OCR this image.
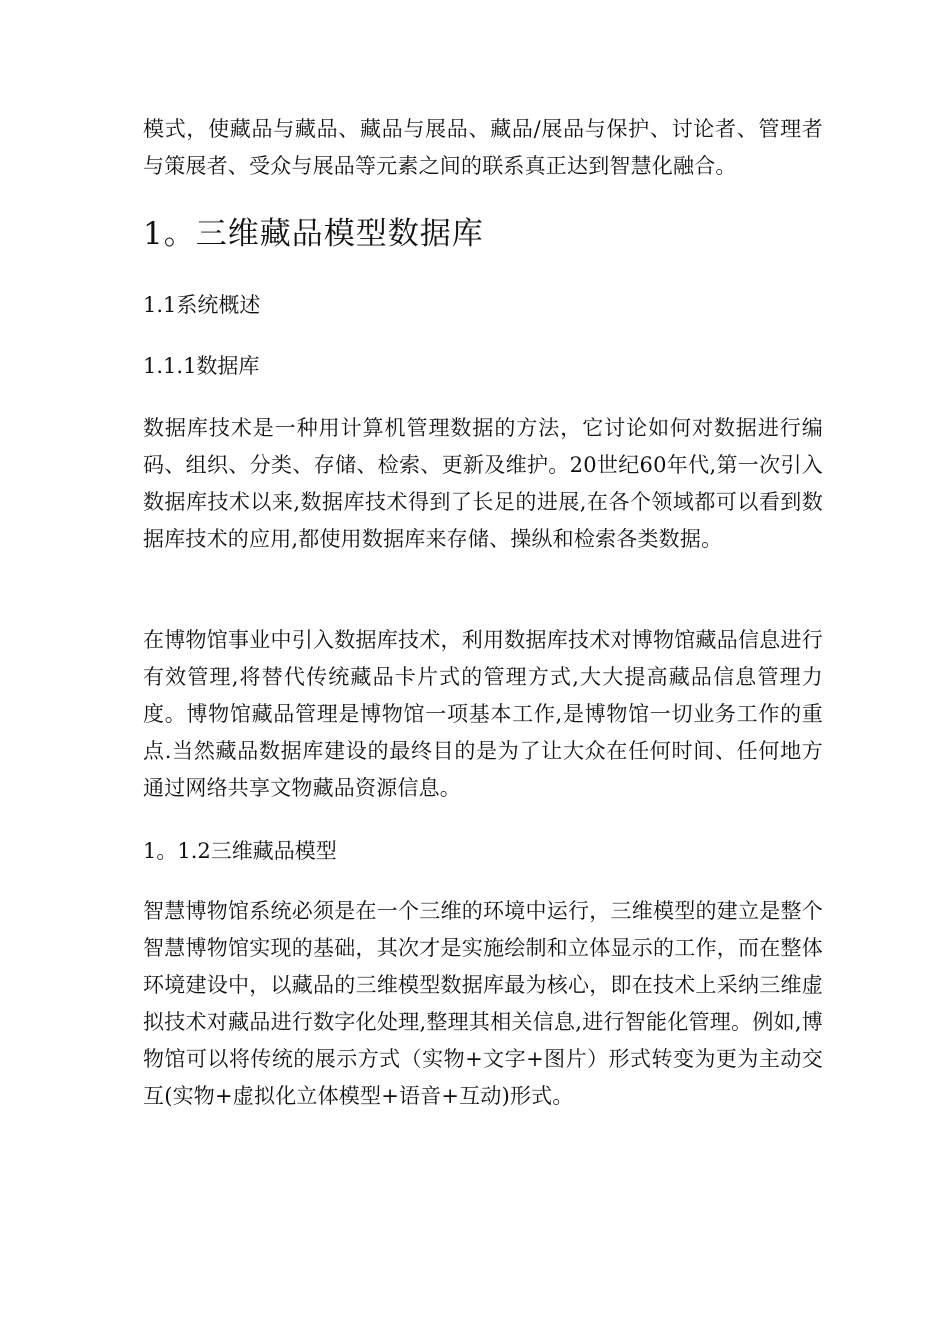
模式，使藏品与藏品、藏品与展品、藏品/展品与保护、讨论者、管理者与策展者、受众与展品等元素之间的联系真正达到智慧化融合。

1。三维藏品模型数据库
1.1系统概述
1.1.1数据库

数据库技术是一种用计算机管理数据的方法，它讨论如何对数据进行编码、组织、分类、存储、检索、更新及维护。20世纪60年代,第一次引入数据库技术以来,数据库技术得到了长足的进展,在各个领域都可以看到数据库技术的应用,都使用数据库来存储、操纵和检索各类数据。

在博物馆事业中引入数据库技术，利用数据库技术对博物馆藏品信息进行有效管理,将替代传统藏品卡片式的管理方式,大大提高藏品信息管理力度。博物馆藏品管理是博物馆一项基本工作,是博物馆一切业务工作的重点.当然藏品数据库建设的最终目的是为了让大众在任何时间、任何地方通过网络共享文物藏品资源信息。

1。1.2三维藏品模型

智慧博物馆系统必须是在一个三维的环境中运行，三维模型的建立是整个智慧博物馆实现的基础，其次才是实施绘制和立体显示的工作，而在整体环境建设中，以藏品的三维模型数据库最为核心，即在技术上采纳三维虚拟技术对藏品进行数字化处理,整理其相关信息,进行智能化管理。例如,博物馆可以将传统的展示方式（实物+文字+图片）形式转变为更为主动交互(实物+虚拟化立体模型+语音+互动)形式。
